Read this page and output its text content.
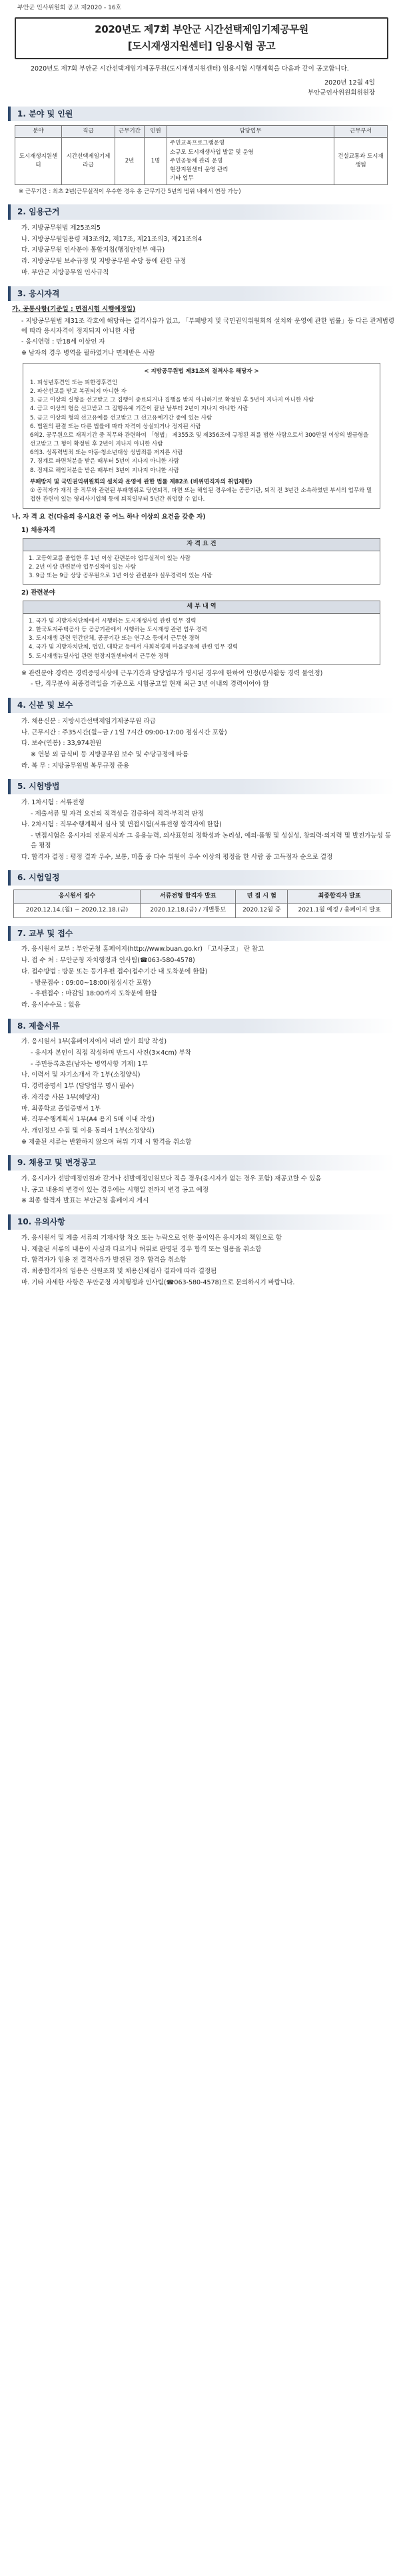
부안군 인사위원회 공고 제2020 - 16호
2020년도 제7회 부안군 시간선택제임기제공무원
[도시재생지원센터] 임용시험 공고

2020년도 제7회 부안군 시간선택제임기제공무원(도시재생지원센터) 임용시험 시행계획을 다음과 같이 공고합니다.

2020년 12월 4일
부안군인사위원회위원장
1. 분야 및 인원
분야	직급	근무기간	인원	담당업무	근무부서
도시재생지원센터	시간선택제임기제라급	2년	1명	주민교육프로그램운영
소규모 도시재생사업 발굴 및 운영
주민공동체 관리 운영
현장지원센터 운영 관리
기타 업무	건설교통과 도시재생팀
※ 근무기간 : 최초 2년(근무실적이 우수한 경우 총 근무기간 5년의 범위 내에서 연장 가능)
2. 임용근거
가. 지방공무원법 제25조의5
나. 지방공무원임용령 제3조의2, 제17조, 제21조의3, 제21조의4
다. 지방공무원 인사분야 통합지침(행정안전부 예규)
라. 지방공무원 보수규정 및 지방공무원 수당 등에 관한 규정
마. 부안군 지방공무원 인사규칙
3. 응시자격
가. 공통사항(기준일 : 면접시험 시행예정일)
- 지방공무원법 제31조 각호에 해당하는 결격사유가 없고, 「부패방지 및 국민권익위원회의 설치와 운영에 관한 법률」등 다른 관계법령에 따라 응시자격이 정지되지 아니한 사람
- 응시연령 : 만18세 이상인 자
※ 남자의 경우 병역을 필하였거나 면제받은 사람
< 지방공무원법 제31조의 결격사유 해당자 >
1. 피성년후견인 또는 피한정후견인
2. 파산선고를 받고 복권되지 아니한 자
3. 금고 이상의 실형을 선고받고 그 집행이 종료되거나 집행을 받지 아니하기로 확정된 후 5년이 지나지 아니한 사람
4. 금고 이상의 형을 선고받고 그 집행유예 기간이 끝난 날부터 2년이 지나지 아니한 사람
5. 금고 이상의 형의 선고유예를 선고받고 그 선고유예기간 중에 있는 사람
6. 법원의 판결 또는 다른 법률에 따라 자격이 상실되거나 정지된 사람
6의2. 공무원으로 재직기간 중 직무와 관련하여 「형법」 제355조 및 제356조에 규정된 죄를 범한 사람으로서 300만원 이상의 벌금형을 선고받고 그 형이 확정된 후 2년이 지나지 아니한 사람
6의3. 성폭력범죄 또는 아동·청소년대상 성범죄를 저지른 사람
7. 징계로 파면처분을 받은 때부터 5년이 지나지 아니한 사람
8. 징계로 해임처분을 받은 때부터 3년이 지나지 아니한 사람
부패방지 및 국민권익위원회의 설치와 운영에 관한 법률 제82조 (비위면직자의 취업제한)
① 공직자가 재직 중 직무와 관련된 부패행위로 당연퇴직, 파면 또는 해임된 경우에는 공공기관, 퇴직 전 3년간 소속하였던 부서의 업무와 밀접한 관련이 있는 영리사기업체 등에 퇴직일부터 5년간 취업할 수 없다.
나. 자 격 요 건(다음의 응시요건 중 어느 하나 이상의 요건을 갖춘 자)
1) 채용자격
자 격 요 건
1. 고등학교를 졸업한 후 1년 이상 관련분야 업무실적이 있는 사람
2. 2년 이상 관련분야 업무실적이 있는 사람
3. 9급 또는 9급 상당 공무원으로 1년 이상 관련분야 실무경력이 있는 사람
2) 관련분야
세 부 내 역
1. 국가 및 지방자치단체에서 시행하는 도시재생사업 관련 업무 경력
2. 한국토지주택공사 등 공공기관에서 시행하는 도시재생 관련 업무 경력
3. 도시재생 관련 민간단체, 공공기관 또는 연구소 등에서 근무한 경력
4. 국가 및 지방자치단체, 법인, 대학교 등에서 사회적경제 마을공동체 관련 업무 경력
5. 도시재생뉴딜사업 관련 현장지원센터에서 근무한 경력
※ 관련분야 경력은 경력증명서상에 근무기간과 담당업무가 명시된 경우에 한하여 인정(봉사활동 경력 불인정)
- 단, 직무분야 최종경력일을 기준으로 시험공고일 현재 최근 3년 이내의 경력이어야 함
4. 신분 및 보수
가. 채용신분 : 지방시간선택제임기제공무원 라급
나. 근무시간 : 주35시간(월~금 / 1일 7시간 09:00-17:00 점심시간 포함)
다. 보수(연봉) : 33,974천원
※ 연봉 외 급식비 등 지방공무원 보수 및 수당규정에 따름
라. 복 무 : 지방공무원법 복무규정 준용
5. 시험방법
가. 1차시험 : 서류전형
- 제출서류 및 자격 요건의 적격성을 검증하여 적격·부적격 판정
나. 2차시험 : 직무수행계획서 심사 및 면접시험(서류전형 합격자에 한함)
- 면접시험은 응시자의 전문지식과 그 응용능력, 의사표현의 정확성과 논리성, 예의·품행 및 성실성, 창의력·의지력 및 발전가능성 등을 평정
다. 합격자 결정 : 평정 결과 우수, 보통, 미흡 중 다수 위원이 우수 이상의 평정을 한 사람 중 고득점자 순으로 결정
6. 시험일정
응시원서 접수	서류전형 합격자 발표	면 접 시 험	최종합격자 발표
2020.12.14.(월) ~ 2020.12.18.(금)	2020.12.18.(금) / 개별통보	2020.12월 중	2021.1월 예정 / 홈페이지 발표
7. 교부 및 접수
가. 응시원서 교부 : 부안군청 홈페이지(http://www.buan.go.kr) 「고시공고」 란 참고
나. 접 수 처 : 부안군청 자치행정과 인사팀(☎063-580-4578)
다. 접수방법 : 방문 또는 등기우편 접수(접수기간 내 도착분에 한함)
- 방문접수 : 09:00~18:00(점심시간 포함)
- 우편접수 : 마감일 18:00까지 도착분에 한함
라. 응시수수료 : 없음
8. 제출서류
가. 응시원서 1부(홈페이지에서 내려 받기 희망 작성)
- 응시자 본인이 직접 작성하며 반드시 사진(3×4cm) 부착
- 주민등록초본(남자는 병역사항 기재) 1부
나. 이력서 및 자기소개서 각 1부(소정양식)
다. 경력증명서 1부 (담당업무 명시 필수)
라. 자격증 사본 1부(해당자)
마. 최종학교 졸업증명서 1부
바. 직무수행계획서 1부(A4 용지 5매 이내 작성)
사. 개인정보 수집 및 이용 동의서 1부(소정양식)
※ 제출된 서류는 반환하지 않으며 허위 기재 시 합격을 취소함
9. 채용고 및 변경공고
가. 응시자가 선발예정인원과 같거나 선발예정인원보다 적을 경우(응시자가 없는 경우 포함) 재공고할 수 있음
나. 공고 내용의 변경이 있는 경우에는 시행일 전까지 변경 공고 예정
※ 최종 합격자 발표는 부안군청 홈페이지 게시
10. 유의사항
가. 응시원서 및 제출 서류의 기재사항 착오 또는 누락으로 인한 불이익은 응시자의 책임으로 함
나. 제출된 서류의 내용이 사실과 다르거나 허위로 판명된 경우 합격 또는 임용을 취소함
다. 합격자가 임용 전 결격사유가 발견된 경우 합격을 취소함
라. 최종합격자의 임용은 신원조회 및 채용신체검사 결과에 따라 결정됨
마. 기타 자세한 사항은 부안군청 자치행정과 인사팀(☎063-580-4578)으로 문의하시기 바랍니다.
